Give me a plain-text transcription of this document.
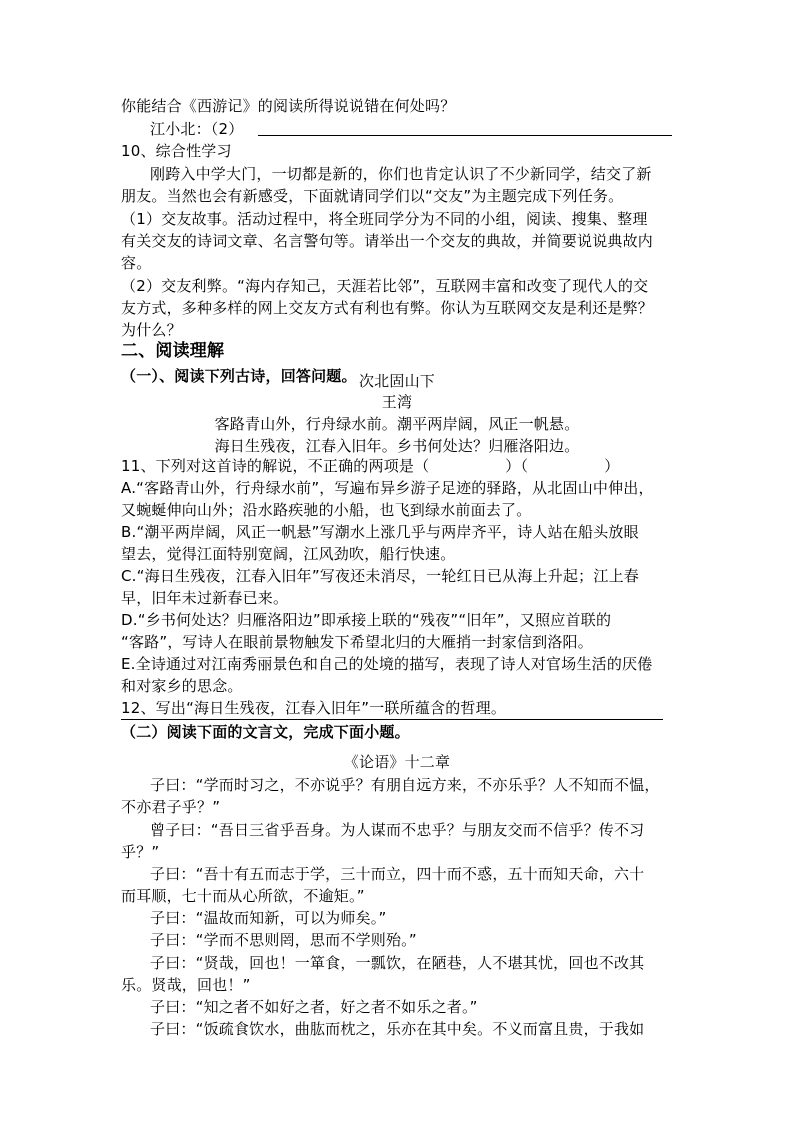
你能结合《西游记》的阅读所得说说错在何处吗？
江小北：（2）
10、综合性学习
刚跨入中学大门，一切都是新的，你们也肯定认识了不少新同学，结交了新
朋友。当然也会有新感受，下面就请同学们以“交友”为主题完成下列任务。
（1）交友故事。活动过程中，将全班同学分为不同的小组，阅读、搜集、整理
有关交友的诗词文章、名言警句等。请举出一个交友的典故，并简要说说典故内
容。
（2）交友利弊。“海内存知己，天涯若比邻”，互联网丰富和改变了现代人的交
友方式，多种多样的网上交友方式有利也有弊。你认为互联网交友是利还是弊？
为什么？
二、阅读理解
（一）、阅读下列古诗，回答问题。 次北固山下
王湾
客路青山外，行舟绿水前。潮平两岸阔，风正一帆悬。
海日生残夜，江春入旧年。乡书何处达？归雁洛阳边。
11、下列对这首诗的解说，不正确的两项是（　　　　　）（　　　　　）
A.“客路青山外，行舟绿水前”，写遍布异乡游子足迹的驿路，从北固山中伸出，
又蜿蜒伸向山外；沿水路疾驰的小船，也飞到绿水前面去了。
B.“潮平两岸阔，风正一帆悬”写潮水上涨几乎与两岸齐平，诗人站在船头放眼
望去，觉得江面特别宽阔，江风劲吹，船行快速。
C.“海日生残夜，江春入旧年”写夜还未消尽，一轮红日已从海上升起；江上春
早，旧年未过新春已来。
D.“乡书何处达？归雁洛阳边”即承接上联的“残夜”“旧年”，又照应首联的
“客路”，写诗人在眼前景物触发下希望北归的大雁捎一封家信到洛阳。
E.全诗通过对江南秀丽景色和自己的处境的描写，表现了诗人对官场生活的厌倦
和对家乡的思念。
12、写出“海日生残夜，江春入旧年”一联所蕴含的哲理。
（二）阅读下面的文言文，完成下面小题。
《论语》十二章
子曰：“学而时习之，不亦说乎？有朋自远方来，不亦乐乎？人不知而不愠，
不亦君子乎？”
曾子曰：“吾日三省乎吾身。为人谋而不忠乎？与朋友交而不信乎？传不习
乎？”
子曰：“吾十有五而志于学，三十而立，四十而不惑，五十而知天命，六十
而耳顺，七十而从心所欲，不逾矩。”
子曰：“温故而知新，可以为师矣。”
子曰：“学而不思则罔，思而不学则殆。”
子曰：“贤哉，回也！一箪食，一瓢饮，在陋巷，人不堪其忧，回也不改其
乐。贤哉，回也！”
子曰：“知之者不如好之者，好之者不如乐之者。”
子曰：“饭疏食饮水，曲肱而枕之，乐亦在其中矣。不义而富且贵，于我如
